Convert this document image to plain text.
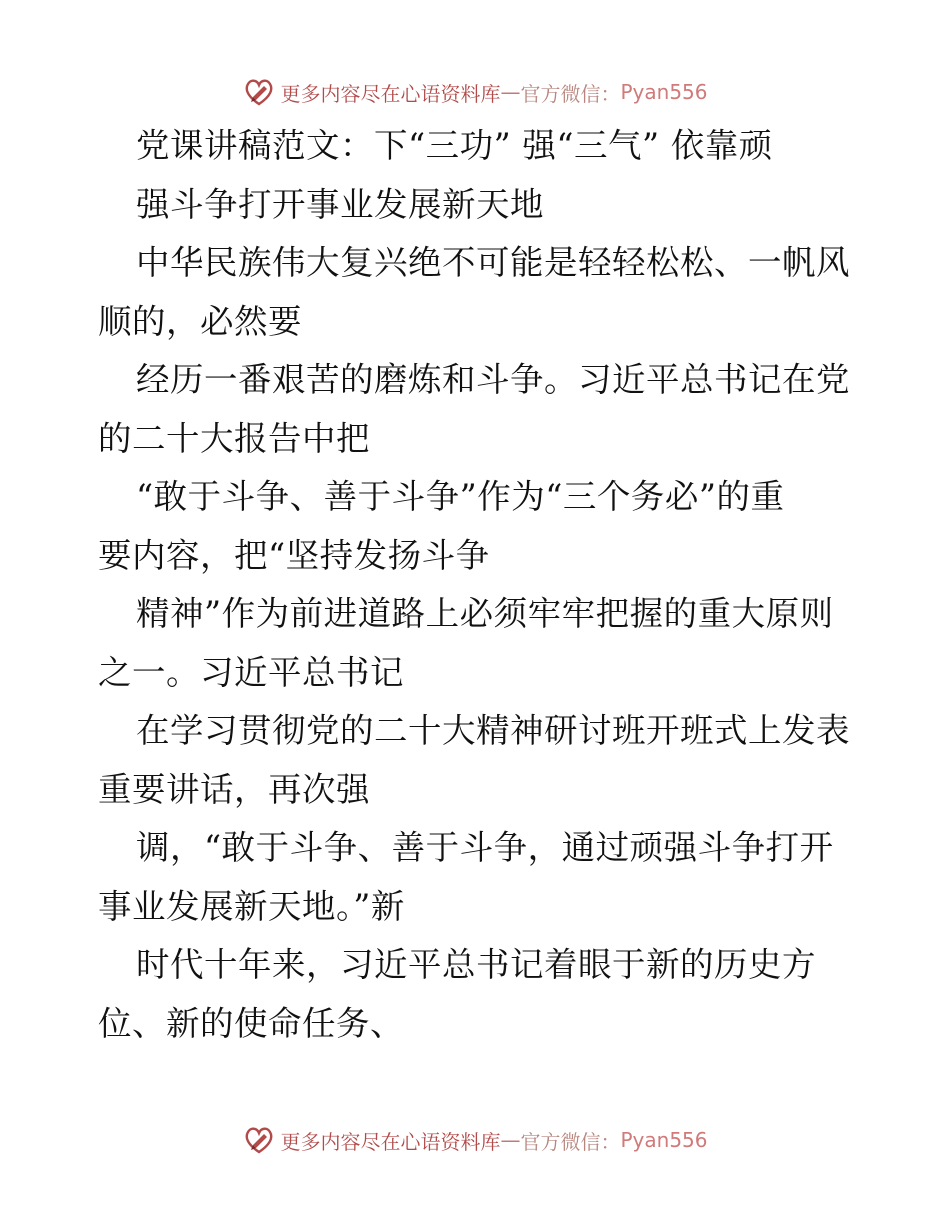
更多内容尽在心语资料库 — 官方微信： Pyan556
党课讲稿范文：下“三功” 强“三气” 依靠顽
强斗争打开事业发展新天地
中华民族伟大复兴绝不可能是轻轻松松、一帆风
顺的，必然要
经历一番艰苦的磨炼和斗争。习近平总书记在党
的二十大报告中把
“敢于斗争、善于斗争”作为“三个务必”的重
要内容，把“坚持发扬斗争
精神”作为前进道路上必须牢牢把握的重大原则
之一。习近平总书记
在学习贯彻党的二十大精神研讨班开班式上发表
重要讲话，再次强
调，“敢于斗争、善于斗争，通过顽强斗争打开
事业发展新天地。”新
时代十年来，习近平总书记着眼于新的历史方
位、新的使命任务、
更多内容尽在心语资料库 — 官方微信： Pyan556
